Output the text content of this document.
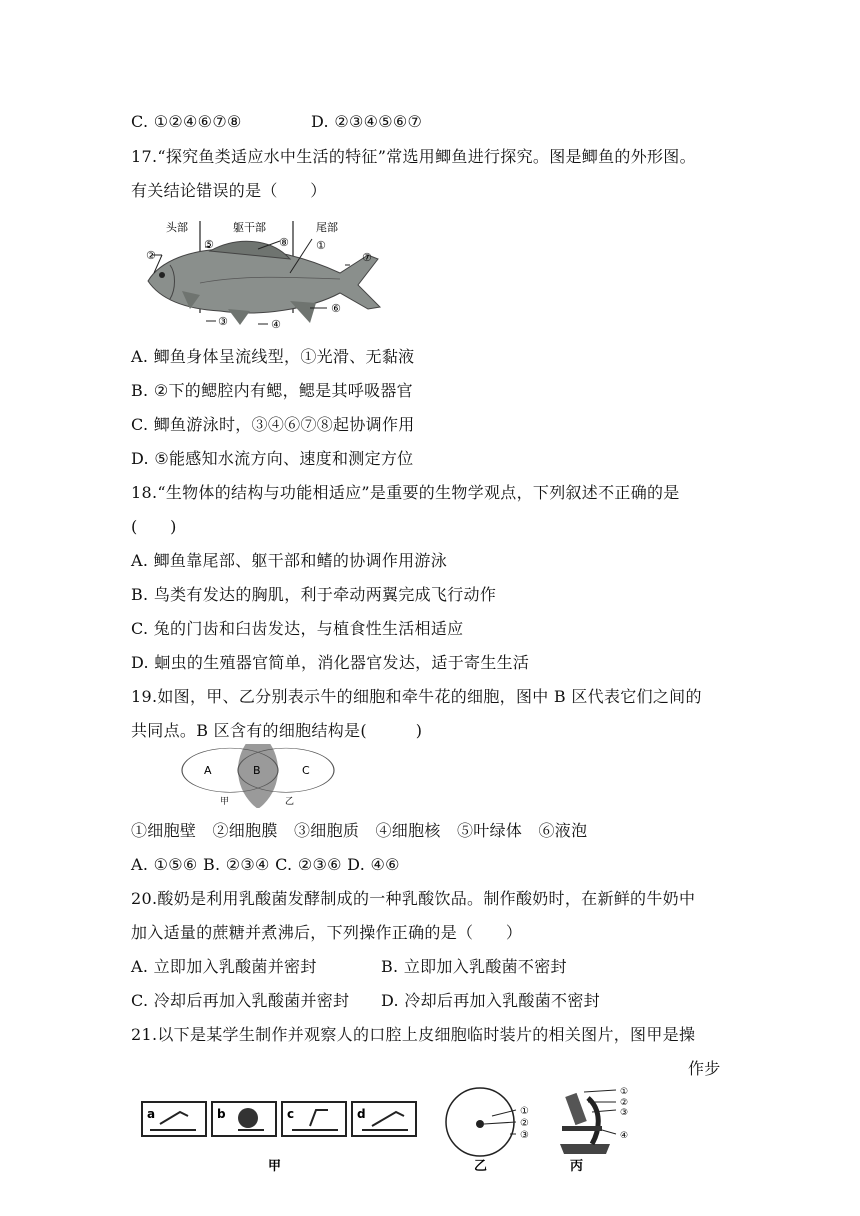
C. ①②④⑥⑦⑧	D. ②③④⑤⑥⑦
17.“探究鱼类适应水中生活的特征”常选用鲫鱼进行探究。图是鲫鱼的外形图。
有关结论错误的是（　　）
头部	躯干部	尾部
②
⑤	⑧ ①
⑦
⑥
③	④
A. 鲫鱼身体呈流线型，①光滑、无黏液
B. ②下的鳃腔内有鳃，鳃是其呼吸器官
C. 鲫鱼游泳时，③④⑥⑦⑧起协调作用
D. ⑤能感知水流方向、速度和测定方位
18.“生物体的结构与功能相适应”是重要的生物学观点，下列叙述不正确的是
(　　)
A. 鲫鱼靠尾部、躯干部和鳍的协调作用游泳
B. 鸟类有发达的胸肌，利于牵动两翼完成飞行动作
C. 兔的门齿和臼齿发达，与植食性生活相适应
D. 蛔虫的生殖器官简单，消化器官发达，适于寄生生活
19.如图，甲、乙分别表示牛的细胞和牵牛花的细胞，图中 B 区代表它们之间的
共同点。B 区含有的细胞结构是(　　　)
A	B	C
甲	乙
①细胞壁　②细胞膜　③细胞质　④细胞核　⑤叶绿体　⑥液泡
A. ①⑤⑥ B. ②③④ C. ②③⑥ D. ④⑥
20.酸奶是利用乳酸菌发酵制成的一种乳酸饮品。制作酸奶时，在新鲜的牛奶中
加入适量的蔗糖并煮沸后，下列操作正确的是（　　）
A. 立即加入乳酸菌并密封	B. 立即加入乳酸菌不密封
C. 冷却后再加入乳酸菌并密封 D. 冷却后再加入乳酸菌不密封
21.以下是某学生制作并观察人的口腔上皮细胞临时装片的相关图片，图甲是操
作步
a	b	c	d
甲
①
②
③
乙
①
②
③
④
丙
